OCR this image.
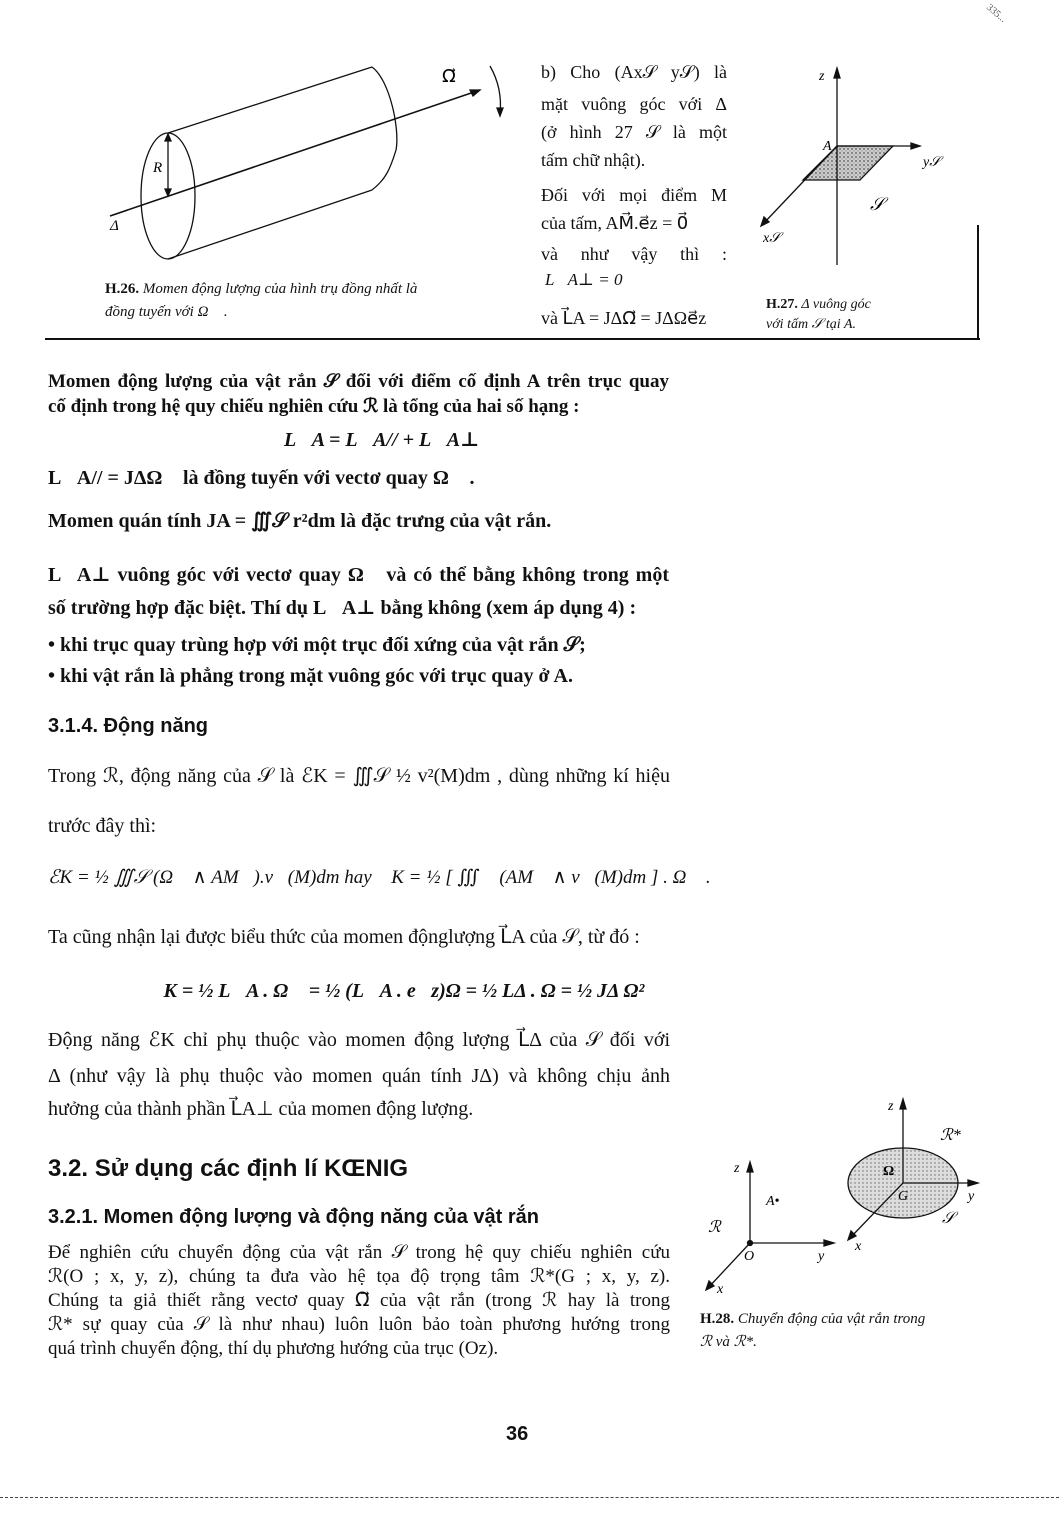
Ω⃗
R
Δ
H.26. Momen động lượng của hình trụ đồng nhất là
đồng tuyến với Ω⃗ .
b) Cho (Ax𝒮 y𝒮) là
mặt vuông góc với Δ
(ở hình 27 𝒮 là một
tấm chữ nhật).
Đối với mọi điểm M
của tấm, AM⃗.e⃗z = 0⃗
và như vậy thì :
L⃗A⊥ = 0⃗
và L⃗A = JΔΩ⃗ = JΔΩe⃗z
z
A
y𝒮
x𝒮
𝒮
H.27. Δ vuông góc
với tấm 𝒮 tại A.
Momen động lượng của vật rắn 𝒮 đối với điểm cố định A trên trục quay
cố định trong hệ quy chiếu nghiên cứu ℛ là tổng của hai số hạng :
L⃗A = L⃗A// + L⃗A⊥
L⃗A// = JΔΩ⃗ là đồng tuyến với vectơ quay Ω⃗ .
Momen quán tính JA = ∭𝒮 r²dm là đặc trưng của vật rắn.
L⃗A⊥ vuông góc với vectơ quay Ω⃗ và có thể bằng không trong một
số trường hợp đặc biệt. Thí dụ L⃗A⊥ bằng không (xem áp dụng 4) :
• khi trục quay trùng hợp với một trục đối xứng của vật rắn 𝒮;
• khi vật rắn là phẳng trong mặt vuông góc với trục quay ở A.
3.1.4. Động năng
Trong ℛ, động năng của 𝒮 là ℰK = ∭𝒮 ½ v²(M)dm , dùng những kí hiệu
trước đây thì:
ℰK = ½ ∭𝒮 (Ω⃗ ∧ AM⃗).v⃗(M)dm hay ℰK = ½ [ ∭𝒮 (AM⃗ ∧ v⃗(M)dm ] . Ω⃗ .
Ta cũng nhận lại được biểu thức của momen độnglượng L⃗A của 𝒮, từ đó :
ℰK = ½ L⃗A . Ω⃗ = ½ (L⃗A . e⃗z)Ω = ½ LΔ . Ω = ½ JΔ Ω²
Động năng ℰK chỉ phụ thuộc vào momen động lượng L⃗Δ của 𝒮 đối với
Δ (như vậy là phụ thuộc vào momen quán tính JΔ) và không chịu ảnh
hưởng của thành phần L⃗A⊥ của momen động lượng.
3.2. Sử dụng các định lí KŒNIG
3.2.1. Momen động lượng và động năng của vật rắn
Để nghiên cứu chuyển động của vật rắn 𝒮 trong hệ quy chiếu nghiên cứu
ℛ(O ; x, y, z), chúng ta đưa vào hệ tọa độ trọng tâm ℛ*(G ; x, y, z).
Chúng ta giả thiết rằng vectơ quay Ω⃗ của vật rắn (trong ℛ hay là trong
ℛ* sự quay của 𝒮 là như nhau) luôn luôn bảo toàn phương hướng trong
quá trình chuyển động, thí dụ phương hướng của trục (Oz).
z
A•
ℛ
O	y
x
z
ℛ*
Ω⃗
G	y
x
𝒮
H.28. Chuyển động của vật rắn trong
ℛ và ℛ*.
36
335...
